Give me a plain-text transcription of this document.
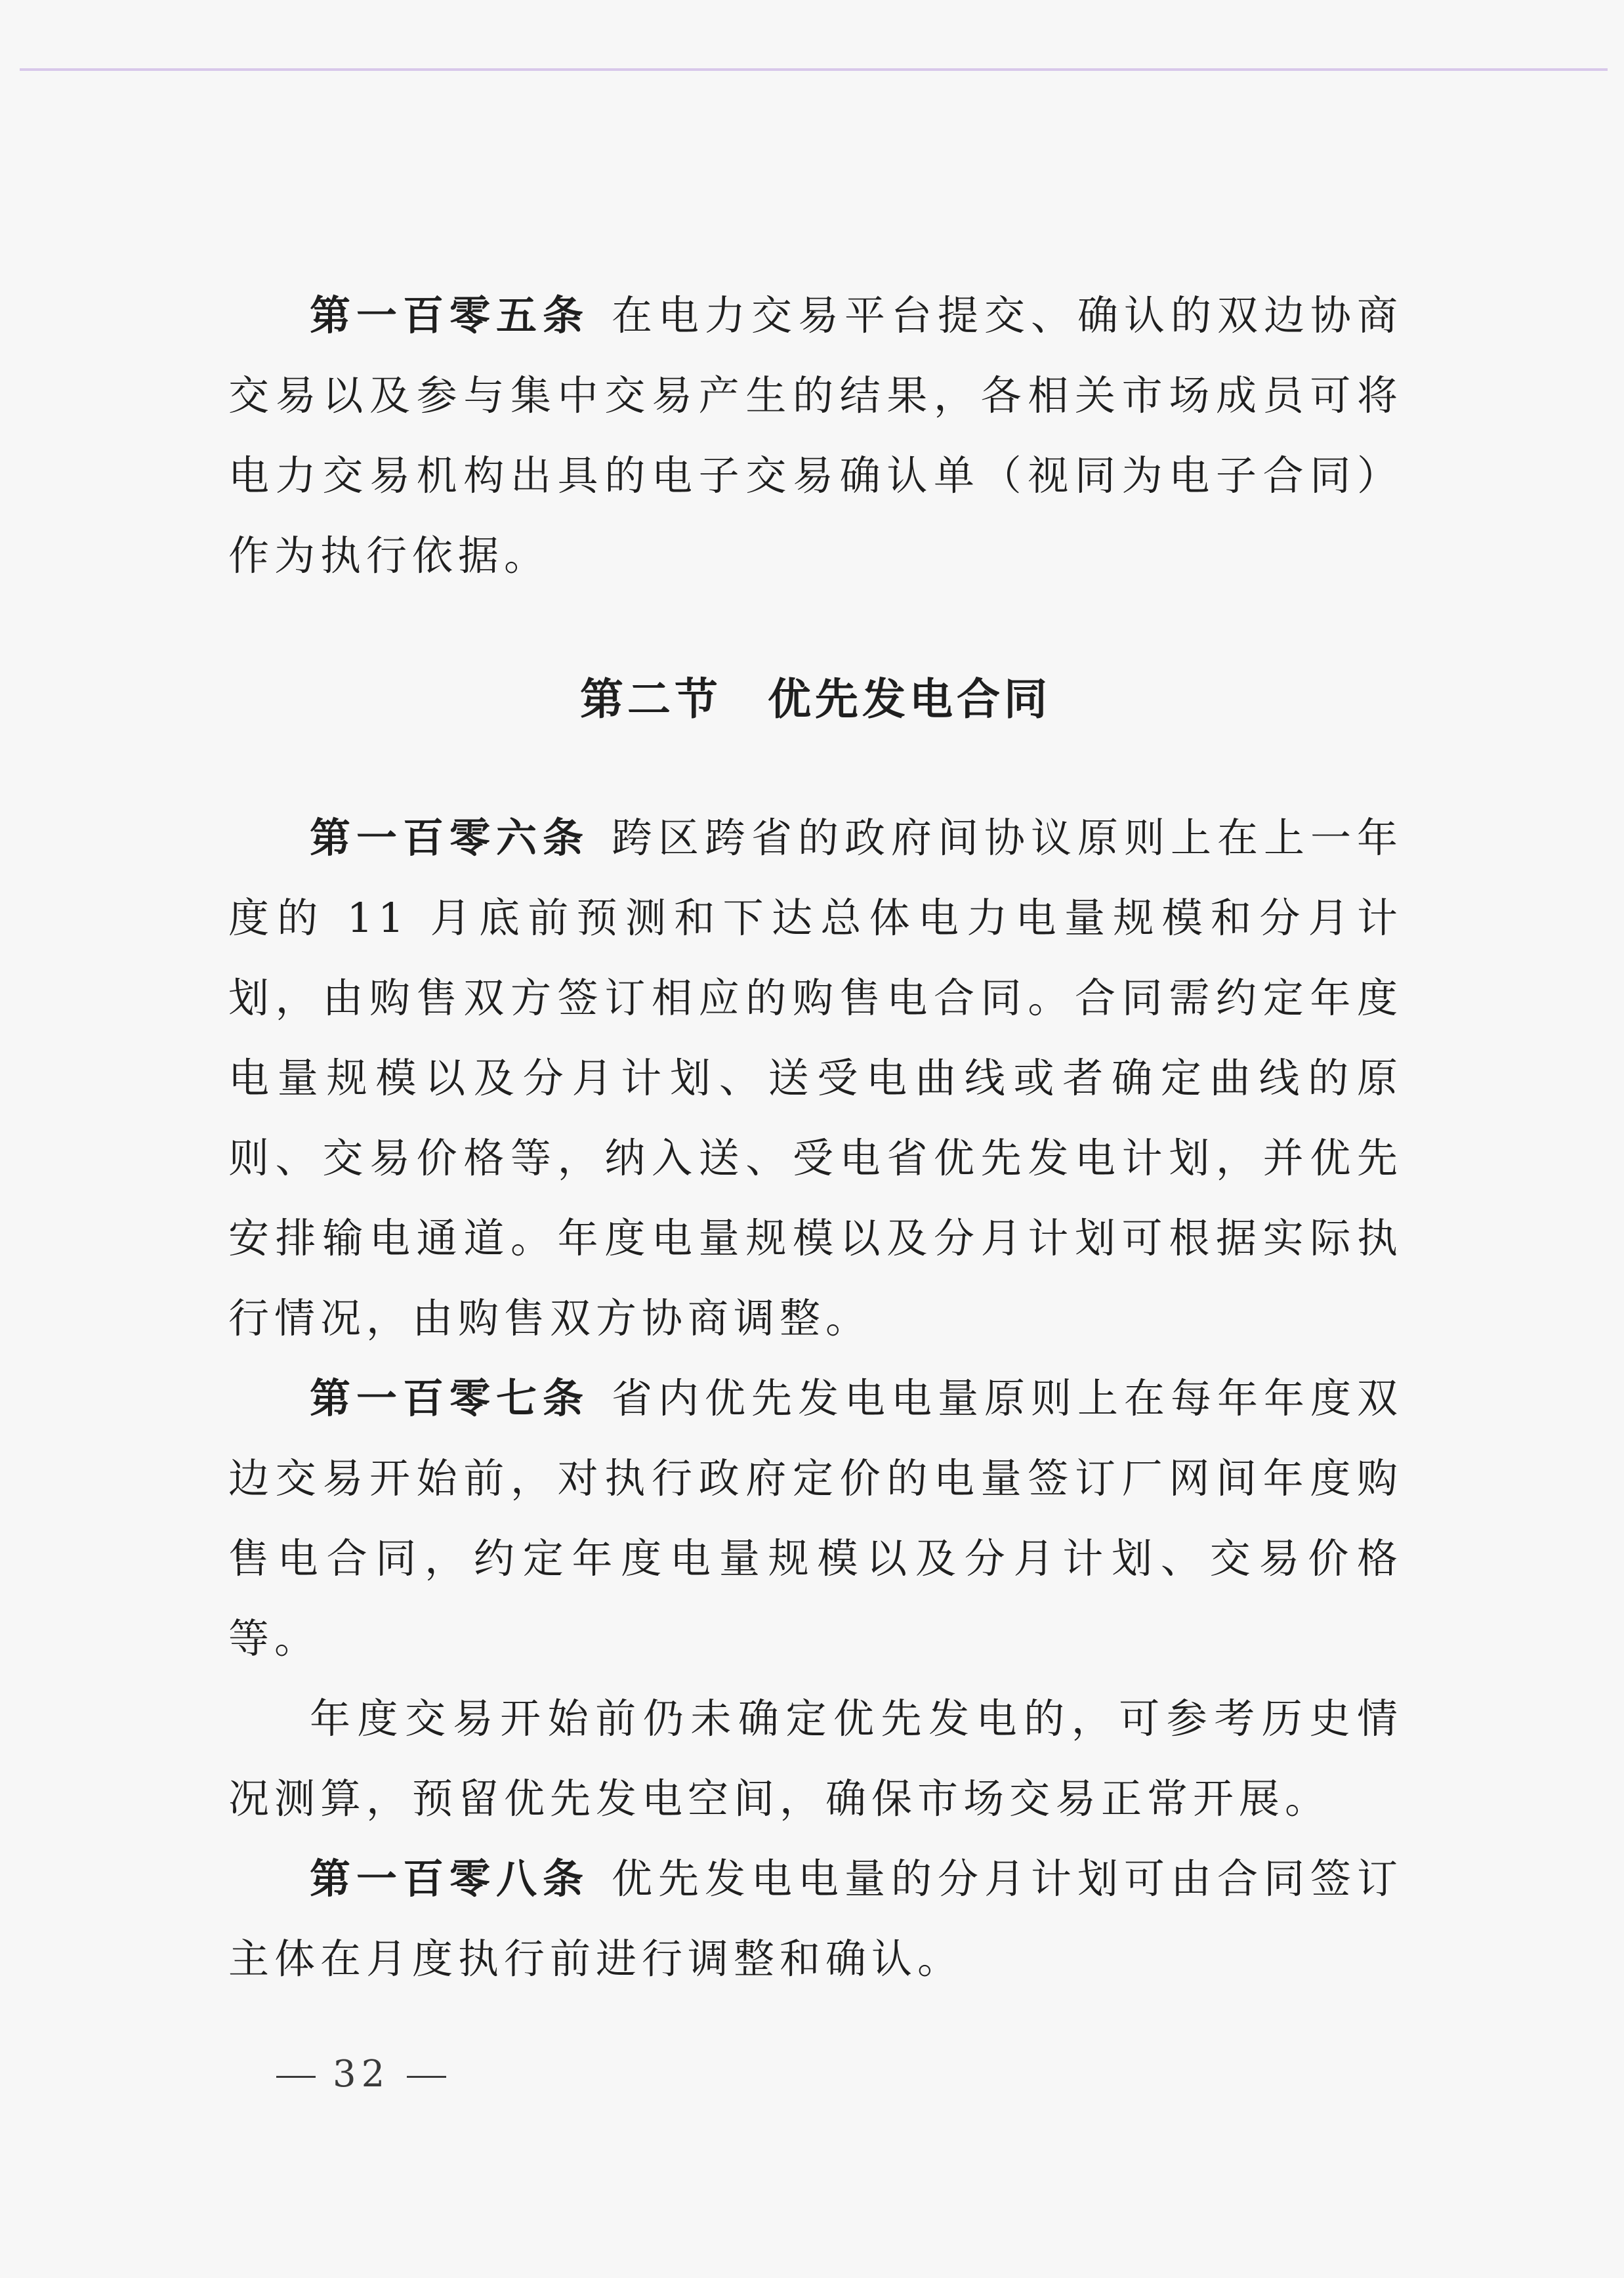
第一百零五条 在电力交易平台提交、确认的双边协商交易以及参与集中交易产生的结果，各相关市场成员可将电力交易机构出具的电子交易确认单（视同为电子合同）作为执行依据。

第二节 优先发电合同

第一百零六条 跨区跨省的政府间协议原则上在上一年度的 11 月底前预测和下达总体电力电量规模和分月计划，由购售双方签订相应的购售电合同。合同需约定年度电量规模以及分月计划、送受电曲线或者确定曲线的原则、交易价格等，纳入送、受电省优先发电计划，并优先安排输电通道。年度电量规模以及分月计划可根据实际执行情况，由购售双方协商调整。

第一百零七条 省内优先发电电量原则上在每年年度双边交易开始前，对执行政府定价的电量签订厂网间年度购售电合同，约定年度电量规模以及分月计划、交易价格等。

年度交易开始前仍未确定优先发电的，可参考历史情况测算，预留优先发电空间，确保市场交易正常开展。

第一百零八条 优先发电电量的分月计划可由合同签订主体在月度执行前进行调整和确认。

32
